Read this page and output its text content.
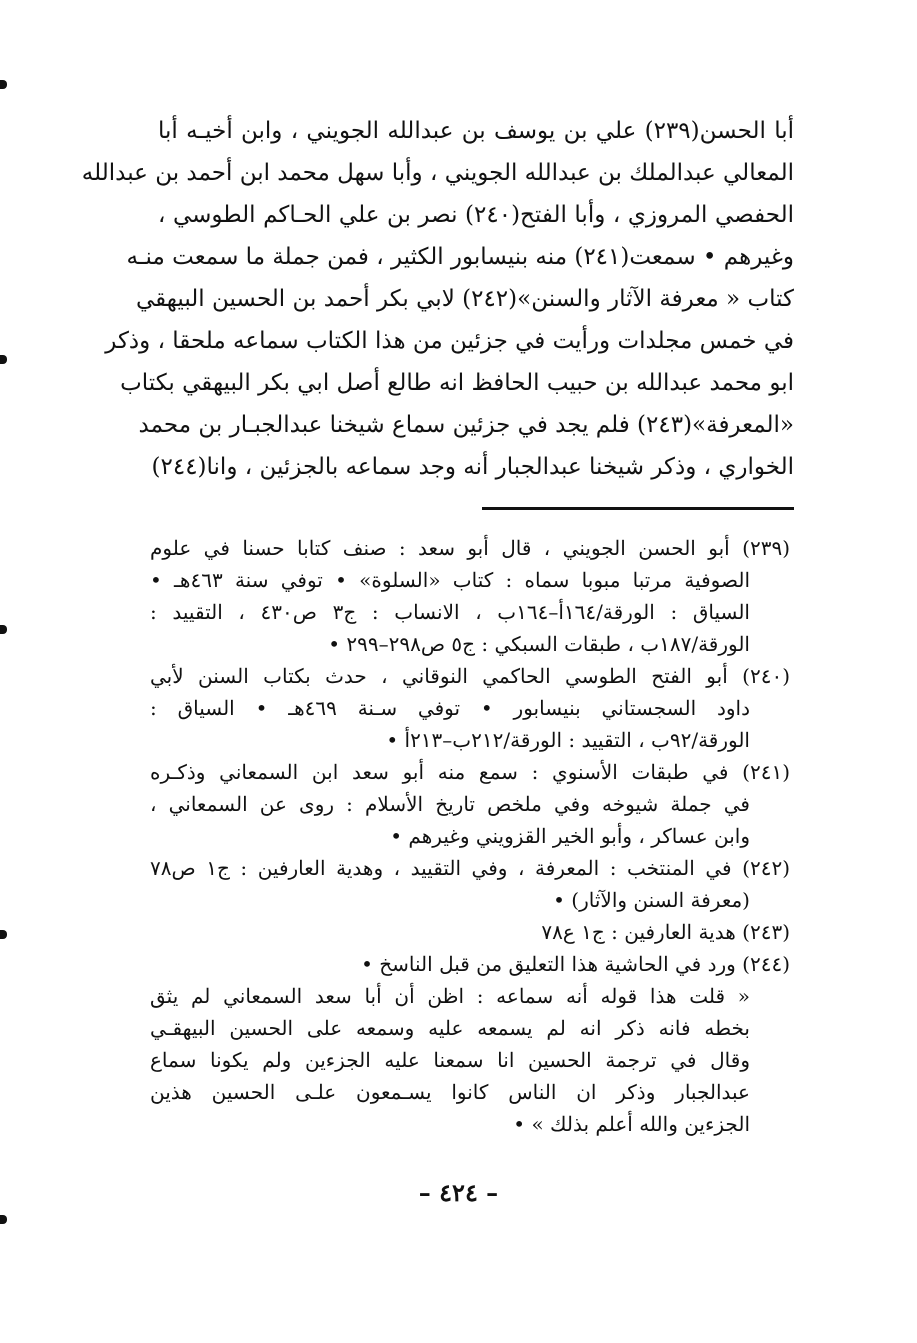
أبا الحسن(٢٣٩) علي بن يوسف بن عبدالله الجويني ، وابن أخيـه أبا
المعالي عبدالملك بن عبدالله الجويني ، وأبا سهل محمد ابن أحمد بن عبدالله
الحفصي المروزي ، وأبا الفتح(٢٤٠) نصر بن علي الحـاكم الطوسي ،
وغيرهم • سمعت(٢٤١) منه بنيسابور الكثير ، فمن جملة ما سمعت منـه
كتاب « معرفة الآثار والسنن»(٢٤٢) لابي بكر أحمد بن الحسين البيهقي
في خمس مجلدات ورأيت في جزئين من هذا الكتاب سماعه ملحقا ، وذكر
ابو محمد عبدالله بن حبيب الحافظ انه طالع أصل ابي بكر البيهقي بكتاب
«المعرفة»(٢٤٣) فلم يجد في جزئين سماع شيخنا عبدالجبـار بن محمد
الخواري ، وذكر شيخنا عبدالجبار أنه وجد سماعه بالجزئين ، وانا(٢٤٤)
(٢٣٩) أبو الحسن الجويني ، قال أبو سعد : صنف كتابا حسنا في علوم
الصوفية مرتبا مبوبا سماه : كتاب «السلوة» • توفي سنة ٤٦٣هـ •
السياق : الورقة/١٦٤أ–١٦٤ب ، الانساب : ج٣ ص٤٣٠ ، التقييد :
الورقة/١٨٧ب ، طبقات السبكي : ج٥ ص٢٩٨–٢٩٩ •
(٢٤٠) أبو الفتح الطوسي الحاكمي النوقاني ، حدث بكتاب السنن لأبي
داود السجستاني بنيسابور • توفي سـنة ٤٦٩هـ • السياق :
الورقة/٩٢ب ، التقييد : الورقة/٢١٢ب–٢١٣أ •
(٢٤١) في طبقات الأسنوي : سمع منه أبو سعد ابن السمعاني وذكـره
في جملة شيوخه وفي ملخص تاريخ الأسلام : روى عن السمعاني ،
وابن عساكر ، وأبو الخير القزويني وغيرهم •
(٢٤٢) في المنتخب : المعرفة ، وفي التقييد ، وهدية العارفين : ج١ ص٧٨
(معرفة السنن والآثار) •
(٢٤٣) هدية العارفين : ج١ ع٧٨
(٢٤٤) ورد في الحاشية هذا التعليق من قبل الناسخ •
« قلت هذا قوله أنه سماعه : اظن أن أبا سعد السمعاني لم يثق
بخطه فانه ذكر انه لم يسمعه عليه وسمعه على الحسين البيهقـي
وقال في ترجمة الحسين انا سمعنا عليه الجزءين ولم يكونا سماع
عبدالجبار وذكر ان الناس كانوا يسـمعون علـى الحسين هذين
الجزءين والله أعلم بذلك » •
– ٤٢٤ –
